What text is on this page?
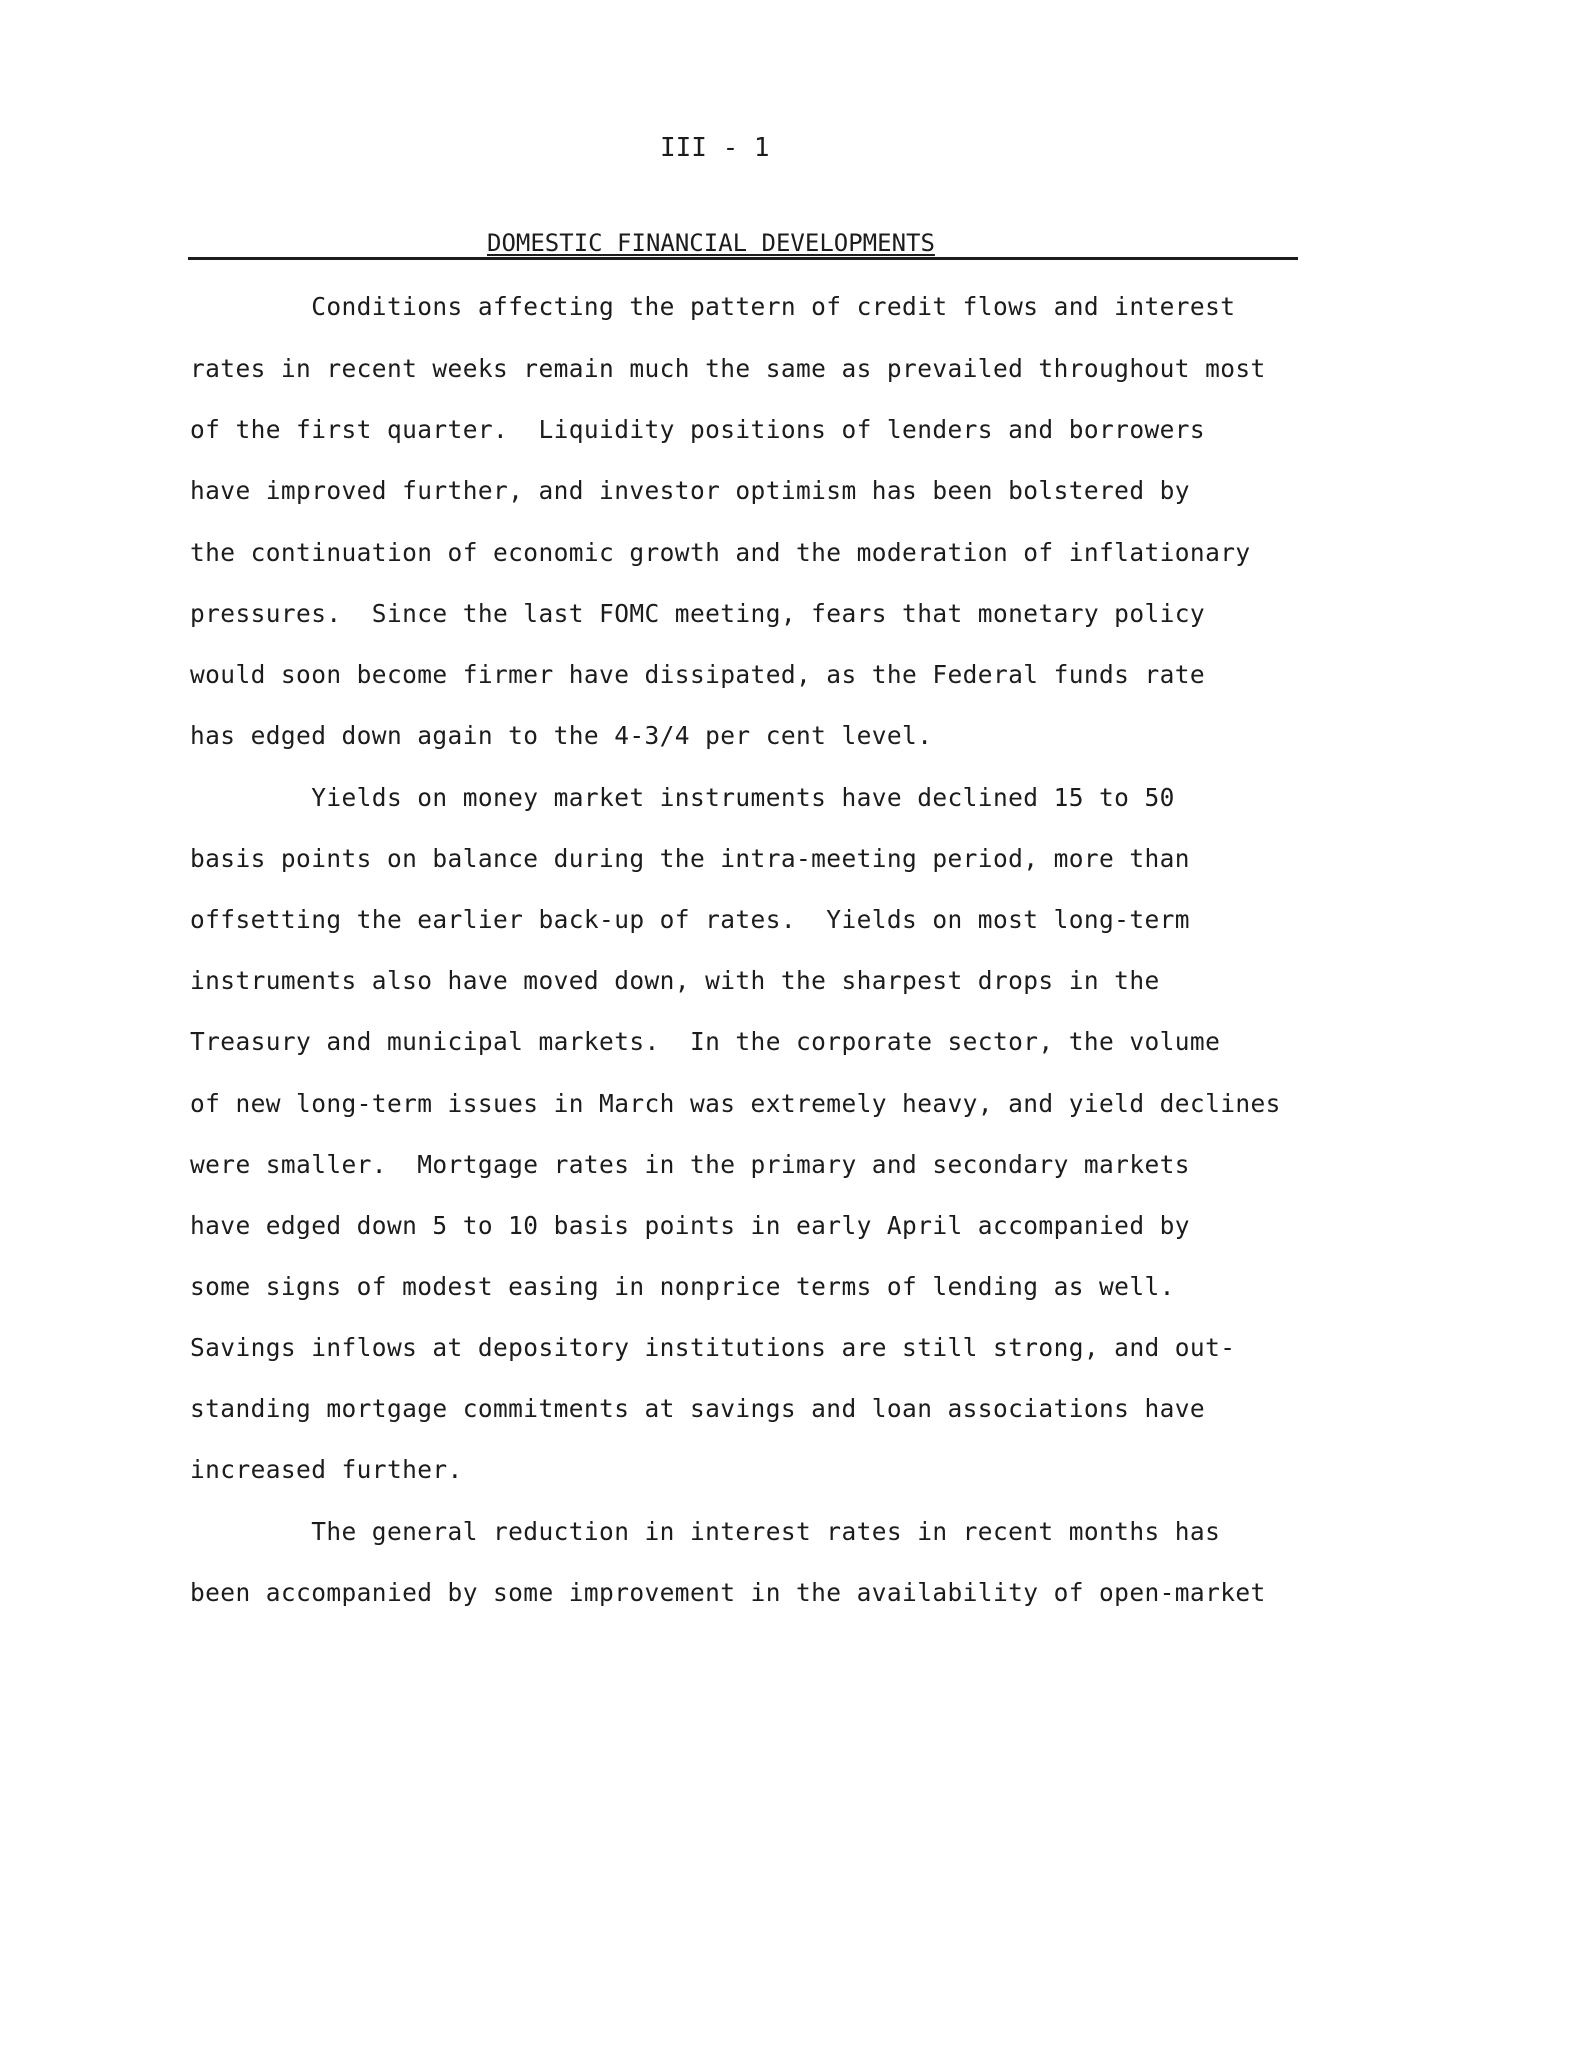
III - 1
DOMESTIC FINANCIAL DEVELOPMENTS
Conditions affecting the pattern of credit flows and interest
rates in recent weeks remain much the same as prevailed throughout most
of the first quarter.  Liquidity positions of lenders and borrowers
have improved further, and investor optimism has been bolstered by
the continuation of economic growth and the moderation of inflationary
pressures.  Since the last FOMC meeting, fears that monetary policy
would soon become firmer have dissipated, as the Federal funds rate
has edged down again to the 4-3/4 per cent level.
Yields on money market instruments have declined 15 to 50
basis points on balance during the intra-meeting period, more than
offsetting the earlier back-up of rates.  Yields on most long-term
instruments also have moved down, with the sharpest drops in the
Treasury and municipal markets.  In the corporate sector, the volume
of new long-term issues in March was extremely heavy, and yield declines
were smaller.  Mortgage rates in the primary and secondary markets
have edged down 5 to 10 basis points in early April accompanied by
some signs of modest easing in nonprice terms of lending as well.
Savings inflows at depository institutions are still strong, and out-
standing mortgage commitments at savings and loan associations have
increased further.
The general reduction in interest rates in recent months has
been accompanied by some improvement in the availability of open-market
